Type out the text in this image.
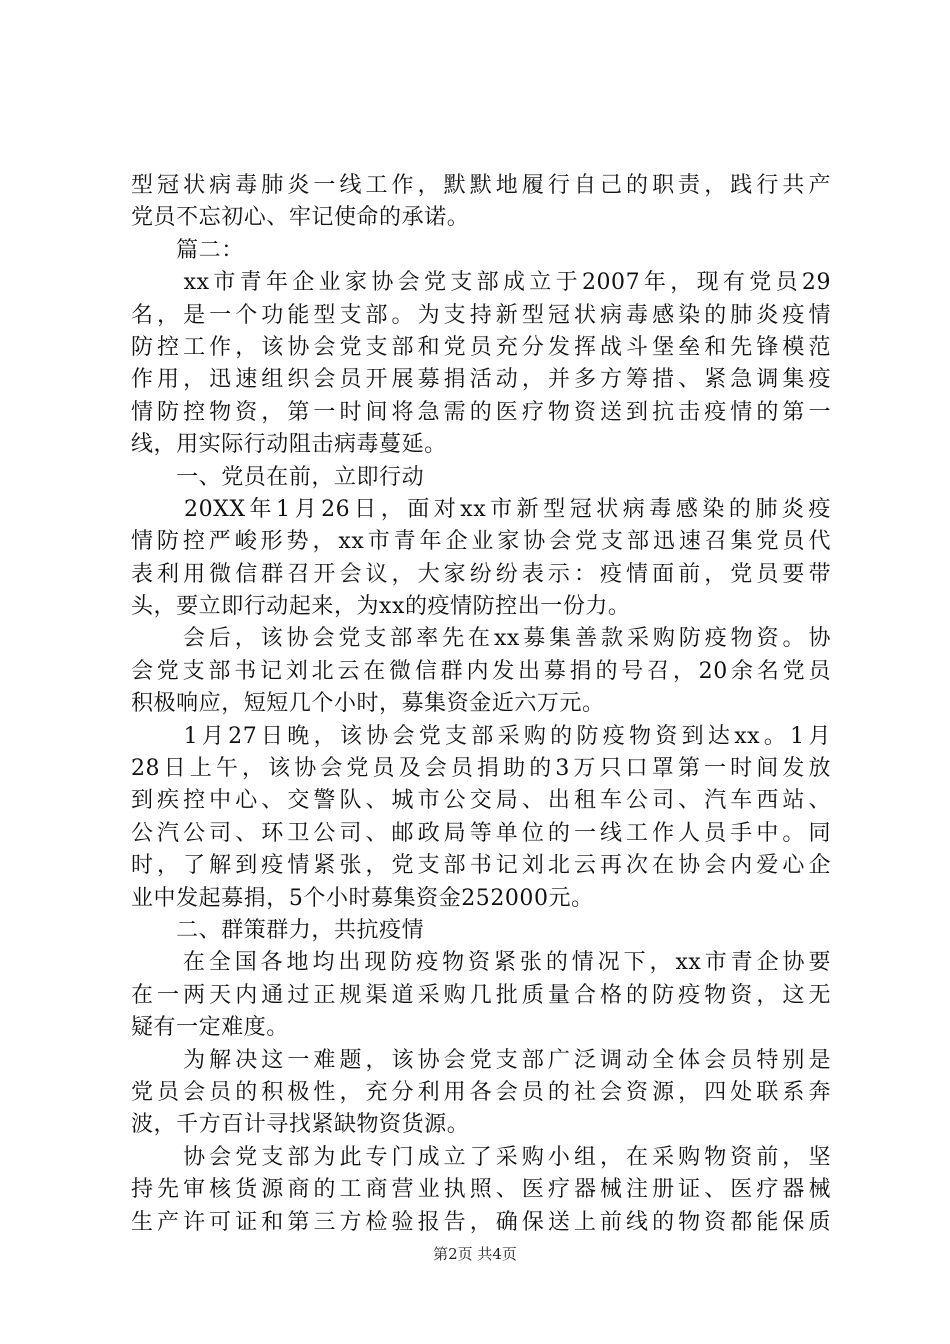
型冠状病毒肺炎一线工作，默默地履行自己的职责，践行共产
党员不忘初心、牢记使命的承诺。
　　篇二：
　　xx市青年企业家协会党支部成立于2007年，现有党员29
名，是一个功能型支部。为支持新型冠状病毒感染的肺炎疫情
防控工作，该协会党支部和党员充分发挥战斗堡垒和先锋模范
作用，迅速组织会员开展募捐活动，并多方筹措、紧急调集疫
情防控物资，第一时间将急需的医疗物资送到抗击疫情的第一
线，用实际行动阻击病毒蔓延。
　　一、党员在前，立即行动
　　20XX年1月26日，面对xx市新型冠状病毒感染的肺炎疫
情防控严峻形势，xx市青年企业家协会党支部迅速召集党员代
表利用微信群召开会议，大家纷纷表示：疫情面前，党员要带
头，要立即行动起来，为xx的疫情防控出一份力。
　　会后，该协会党支部率先在xx募集善款采购防疫物资。协
会党支部书记刘北云在微信群内发出募捐的号召，20余名党员
积极响应，短短几个小时，募集资金近六万元。
　　1月27日晚，该协会党支部采购的防疫物资到达xx。1月
28日上午，该协会党员及会员捐助的3万只口罩第一时间发放
到疾控中心、交警队、城市公交局、出租车公司、汽车西站、
公汽公司、环卫公司、邮政局等单位的一线工作人员手中。同
时，了解到疫情紧张，党支部书记刘北云再次在协会内爱心企
业中发起募捐，5个小时募集资金252000元。
　　二、群策群力，共抗疫情
　　在全国各地均出现防疫物资紧张的情况下，xx市青企协要
在一两天内通过正规渠道采购几批质量合格的防疫物资，这无
疑有一定难度。
　　为解决这一难题，该协会党支部广泛调动全体会员特别是
党员会员的积极性，充分利用各会员的社会资源，四处联系奔
波，千方百计寻找紧缺物资货源。
　　协会党支部为此专门成立了采购小组，在采购物资前，坚
持先审核货源商的工商营业执照、医疗器械注册证、医疗器械
生产许可证和第三方检验报告，确保送上前线的物资都能保质
第2页 共4页
